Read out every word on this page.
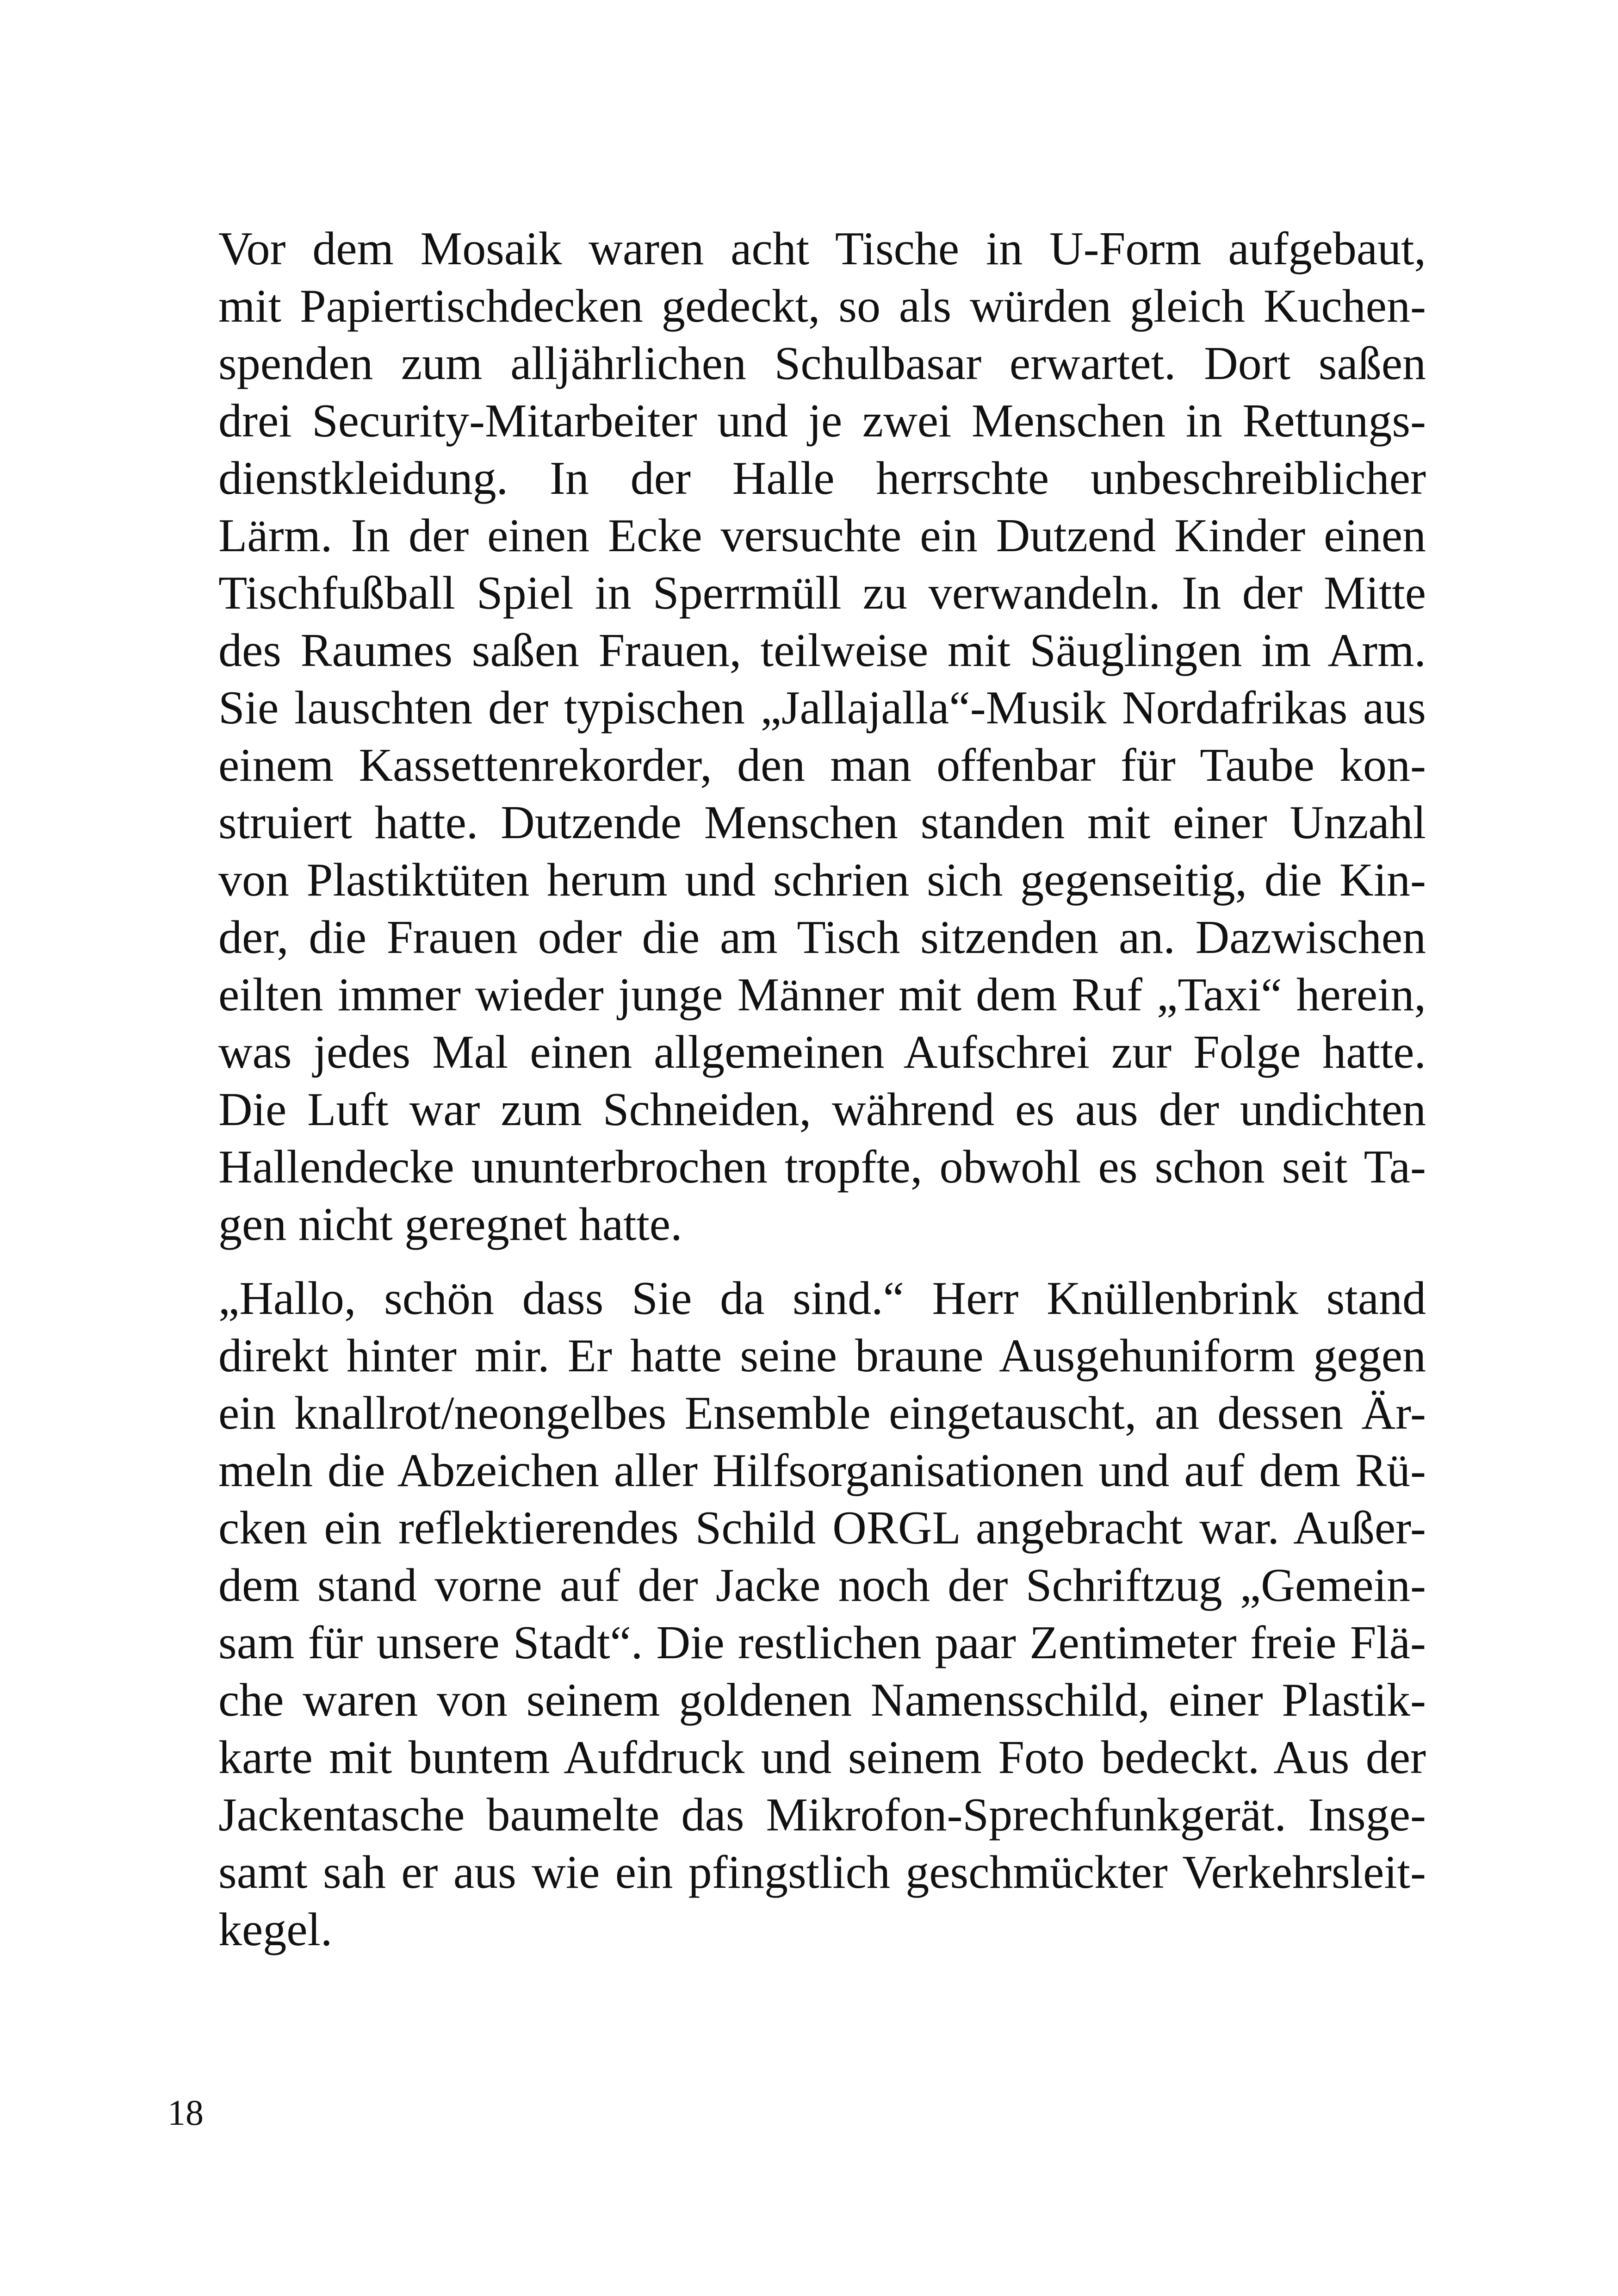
Vor dem Mosaik waren acht Tische in U-Form aufgebaut,
mit Papiertischdecken gedeckt, so als würden gleich Kuchen-
spenden zum alljährlichen Schulbasar erwartet. Dort saßen
drei Security-Mitarbeiter und je zwei Menschen in Rettungs-
dienstkleidung. In der Halle herrschte unbeschreiblicher
Lärm. In der einen Ecke versuchte ein Dutzend Kinder einen
Tischfußball Spiel in Sperrmüll zu verwandeln. In der Mitte
des Raumes saßen Frauen, teilweise mit Säuglingen im Arm.
Sie lauschten der typischen „Jallajalla“-Musik Nordafrikas aus
einem Kassettenrekorder, den man offenbar für Taube kon-
struiert hatte. Dutzende Menschen standen mit einer Unzahl
von Plastiktüten herum und schrien sich gegenseitig, die Kin-
der, die Frauen oder die am Tisch sitzenden an. Dazwischen
eilten immer wieder junge Männer mit dem Ruf „Taxi“ herein,
was jedes Mal einen allgemeinen Aufschrei zur Folge hatte.
Die Luft war zum Schneiden, während es aus der undichten
Hallendecke ununterbrochen tropfte, obwohl es schon seit Ta-
gen nicht geregnet hatte.

„Hallo, schön dass Sie da sind.“ Herr Knüllenbrink stand
direkt hinter mir. Er hatte seine braune Ausgehuniform gegen
ein knallrot/neongelbes Ensemble eingetauscht, an dessen Är-
meln die Abzeichen aller Hilfsorganisationen und auf dem Rü-
cken ein reflektierendes Schild ORGL angebracht war. Außer-
dem stand vorne auf der Jacke noch der Schriftzug „Gemein-
sam für unsere Stadt“. Die restlichen paar Zentimeter freie Flä-
che waren von seinem goldenen Namensschild, einer Plastik-
karte mit buntem Aufdruck und seinem Foto bedeckt. Aus der
Jackentasche baumelte das Mikrofon-Sprechfunkgerät. Insge-
samt sah er aus wie ein pfingstlich geschmückter Verkehrsleit-
kegel.

18
